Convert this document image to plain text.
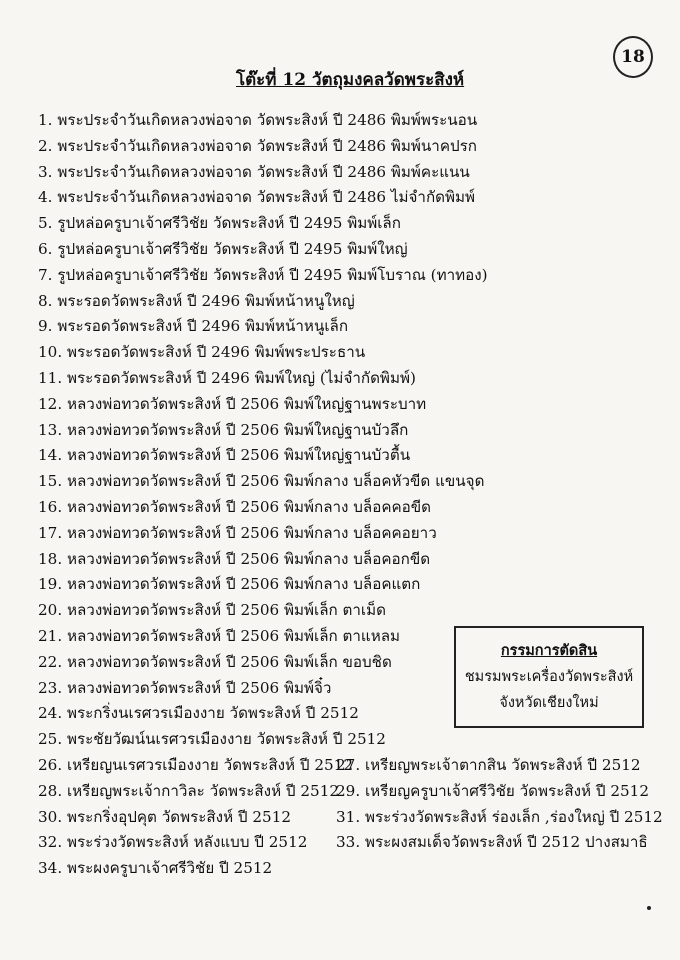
18
โต๊ะที่ 12 วัตถุมงคลวัดพระสิงห์
1. พระประจำวันเกิดหลวงพ่อจาด วัดพระสิงห์ ปี 2486 พิมพ์พระนอน
2. พระประจำวันเกิดหลวงพ่อจาด วัดพระสิงห์ ปี 2486 พิมพ์นาคปรก
3. พระประจำวันเกิดหลวงพ่อจาด วัดพระสิงห์ ปี 2486 พิมพ์คะแนน
4. พระประจำวันเกิดหลวงพ่อจาด วัดพระสิงห์ ปี 2486 ไม่จำกัดพิมพ์
5. รูปหล่อครูบาเจ้าศรีวิชัย วัดพระสิงห์ ปี 2495 พิมพ์เล็ก
6. รูปหล่อครูบาเจ้าศรีวิชัย วัดพระสิงห์ ปี 2495 พิมพ์ใหญ่
7. รูปหล่อครูบาเจ้าศรีวิชัย วัดพระสิงห์ ปี 2495 พิมพ์โบราณ (ทาทอง)
8. พระรอดวัดพระสิงห์ ปี 2496 พิมพ์หน้าหนูใหญ่
9. พระรอดวัดพระสิงห์ ปี 2496 พิมพ์หน้าหนูเล็ก
10. พระรอดวัดพระสิงห์ ปี 2496 พิมพ์พระประธาน
11. พระรอดวัดพระสิงห์ ปี 2496 พิมพ์ใหญ่ (ไม่จำกัดพิมพ์)
12. หลวงพ่อทวดวัดพระสิงห์ ปี 2506 พิมพ์ใหญ่ฐานพระบาท
13. หลวงพ่อทวดวัดพระสิงห์ ปี 2506 พิมพ์ใหญ่ฐานบัวลึก
14. หลวงพ่อทวดวัดพระสิงห์ ปี 2506 พิมพ์ใหญ่ฐานบัวตื้น
15. หลวงพ่อทวดวัดพระสิงห์ ปี 2506 พิมพ์กลาง บล็อคหัวขีด แขนจุด
16. หลวงพ่อทวดวัดพระสิงห์ ปี 2506 พิมพ์กลาง บล็อคคอขีด
17. หลวงพ่อทวดวัดพระสิงห์ ปี 2506 พิมพ์กลาง บล็อคคอยาว
18. หลวงพ่อทวดวัดพระสิงห์ ปี 2506 พิมพ์กลาง บล็อคอกขีด
19. หลวงพ่อทวดวัดพระสิงห์ ปี 2506 พิมพ์กลาง บล็อคแตก
20. หลวงพ่อทวดวัดพระสิงห์ ปี 2506 พิมพ์เล็ก ตาเม็ด
21. หลวงพ่อทวดวัดพระสิงห์ ปี 2506 พิมพ์เล็ก ตาแหลม
22. หลวงพ่อทวดวัดพระสิงห์ ปี 2506 พิมพ์เล็ก ขอบชิด
23. หลวงพ่อทวดวัดพระสิงห์ ปี 2506 พิมพ์จิ๋ว
24. พระกริ่งนเรศวรเมืองงาย วัดพระสิงห์ ปี 2512
25. พระชัยวัฒน์นเรศวรเมืองงาย วัดพระสิงห์ ปี 2512
26. เหรียญนเรศวรเมืองงาย วัดพระสิงห์ ปี 2512
27. เหรียญพระเจ้าตากสิน วัดพระสิงห์ ปี 2512
28. เหรียญพระเจ้ากาวิละ วัดพระสิงห์ ปี 2512
29. เหรียญครูบาเจ้าศรีวิชัย วัดพระสิงห์ ปี 2512
30. พระกริ่งอุปคุต วัดพระสิงห์ ปี 2512	31. พระร่วงวัดพระสิงห์ ร่องเล็ก ,ร่องใหญ่ ปี 2512
32. พระร่วงวัดพระสิงห์ หลังแบบ ปี 2512 33. พระผงสมเด็จวัดพระสิงห์ ปี 2512 ปางสมาธิ
34. พระผงครูบาเจ้าศรีวิชัย ปี 2512
กรรมการตัดสิน
ชมรมพระเครื่องวัดพระสิงห์
จังหวัดเชียงใหม่
